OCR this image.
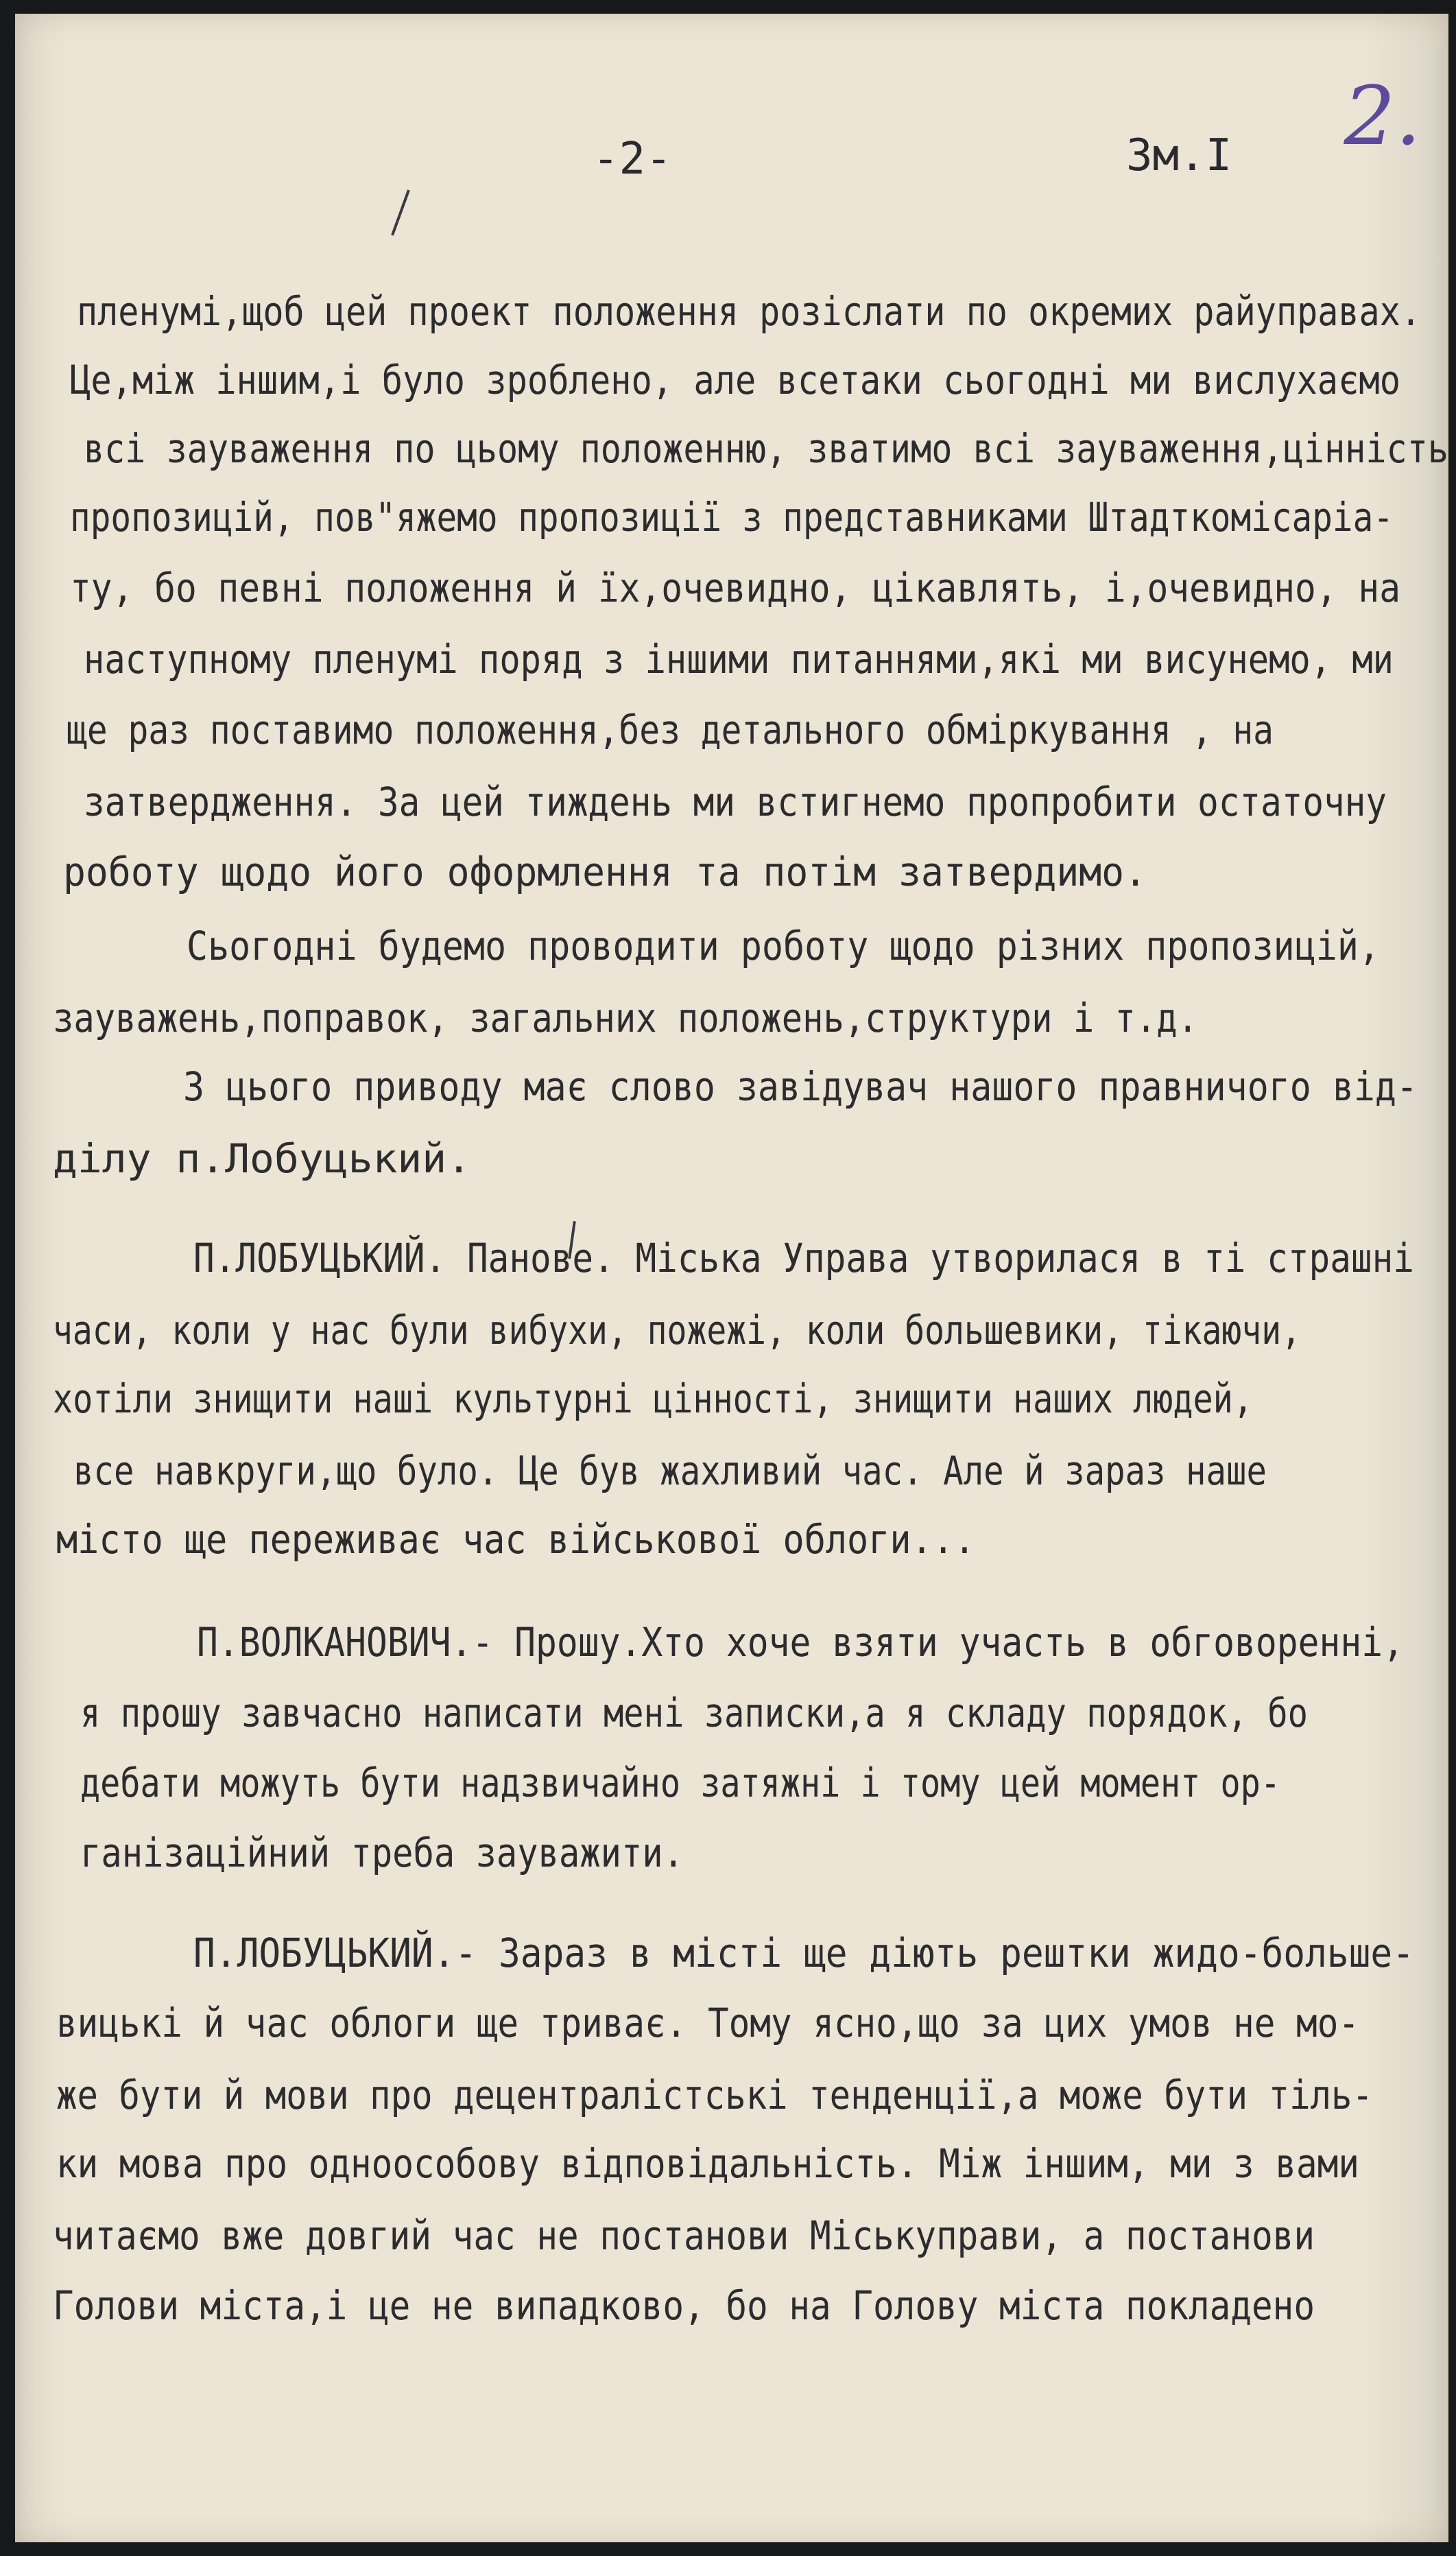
-2-	Зм.І 2.
пленумі,щоб цей проект положення розіслати по окремих райуправах.
Це,між іншим,і було зроблено, але всетаки сьогодні ми вислухаємо
всі зауваження по цьому положенню, зватимо всі зауваження,цінність
пропозицій, пов"яжемо пропозиції з представниками Штадткомісаріа-
ту, бо певні положення й їх,очевидно, цікавлять, і,очевидно, на
наступному пленумі поряд з іншими питаннями,які ми висунемо, ми
ще раз поставимо положення,без детального обміркування , на
затвердження. За цей тиждень ми встигнемо пропробити остаточну
роботу щодо його оформлення та потім затвердимо.
Сьогодні будемо проводити роботу щодо різних пропозицій,
зауважень,поправок, загальних положень,структури і т.д.
З цього приводу має слово завідувач нашого правничого від-
ділу п.Лобуцький.
П.ЛОБУЦЬКИЙ. Панове. Міська Управа утворилася в ті страшні
часи, коли у нас були вибухи, пожежі, коли большевики, тікаючи,
хотіли знищити наші культурні цінності, знищити наших людей,
все навкруги,що було. Це був жахливий час. Але й зараз наше
місто ще переживає час військової облоги...
П.ВОЛКАНОВИЧ.- Прошу.Хто хоче взяти участь в обговоренні,
я прошу завчасно написати мені записки,а я складу порядок, бо
дебати можуть бути надзвичайно затяжні і тому цей момент ор-
ганізаційний треба зауважити.
П.ЛОБУЦЬКИЙ.- Зараз в місті ще діють рештки жидо-большe-
вицькі й час облоги ще триває. Тому ясно,що за цих умов не мо-
же бути й мови про децентралістські тенденції,а може бути тіль-
ки мова про одноособову відповідальність. Між іншим, ми з вами
читаємо вже довгий час не постанови Міськуправи, а постанови
Голови міста,і це не випадково, бо на Голову міста покладено
